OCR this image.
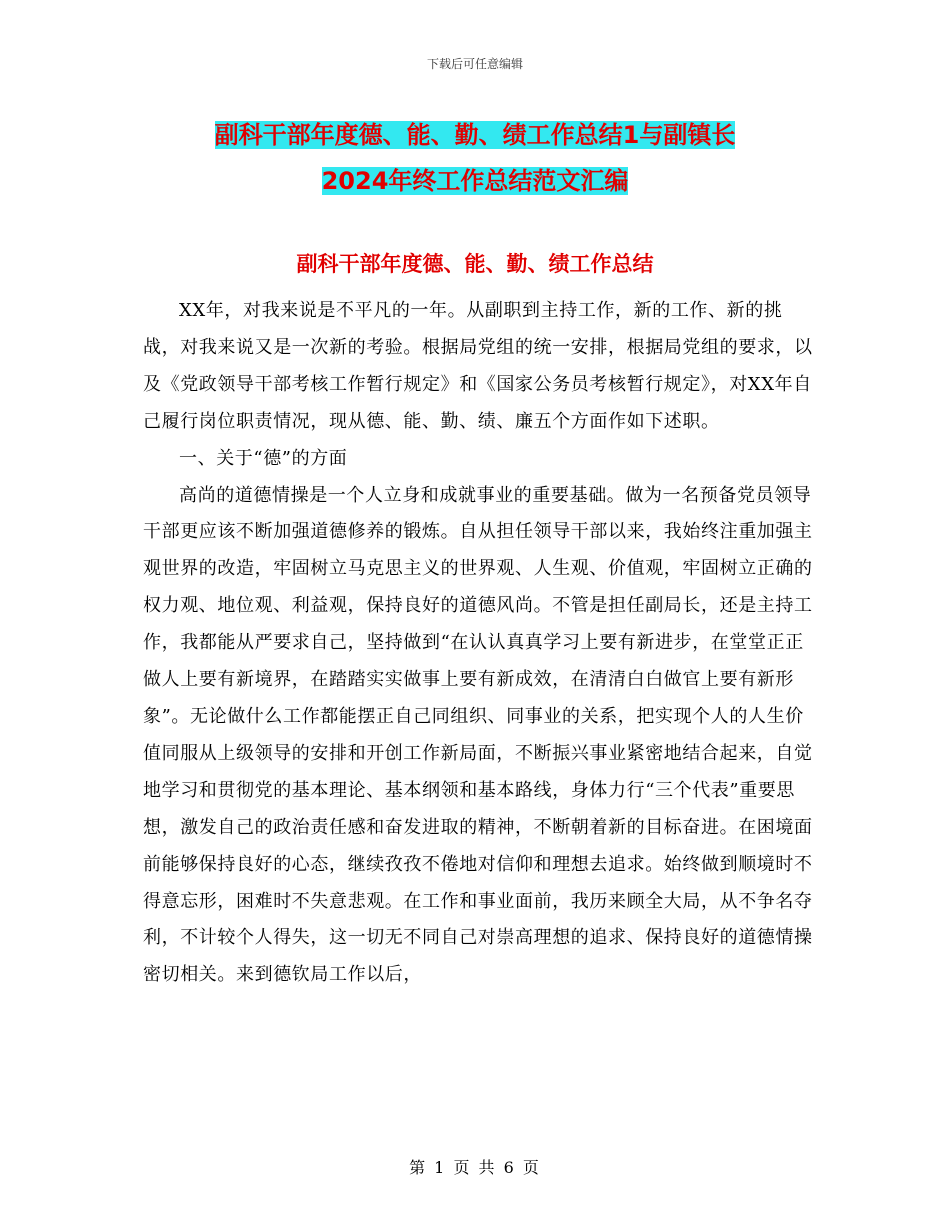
下载后可任意编辑
副科干部年度德、能、勤、绩工作总结1与副镇长
2024年终工作总结范文汇编
副科干部年度德、能、勤、绩工作总结

XX年，对我来说是不平凡的一年。从副职到主持工作，新的工作、新的挑战，对我来说又是一次新的考验。根据局党组的统一安排，根据局党组的要求，以及《党政领导干部考核工作暂行规定》和《国家公务员考核暂行规定》，对XX年自己履行岗位职责情况，现从德、能、勤、绩、廉五个方面作如下述职。

一、关于“德”的方面

高尚的道德情操是一个人立身和成就事业的重要基础。做为一名预备党员领导干部更应该不断加强道德修养的锻炼。自从担任领导干部以来，我始终注重加强主观世界的改造，牢固树立马克思主义的世界观、人生观、价值观，牢固树立正确的权力观、地位观、利益观，保持良好的道德风尚。不管是担任副局长，还是主持工作，我都能从严要求自己，坚持做到“在认认真真学习上要有新进步，在堂堂正正做人上要有新境界，在踏踏实实做事上要有新成效，在清清白白做官上要有新形象”。无论做什么工作都能摆正自己同组织、同事业的关系，把实现个人的人生价值同服从上级领导的安排和开创工作新局面，不断振兴事业紧密地结合起来，自觉地学习和贯彻党的基本理论、基本纲领和基本路线，身体力行“三个代表”重要思想，激发自己的政治责任感和奋发进取的精神，不断朝着新的目标奋进。在困境面前能够保持良好的心态，继续孜孜不倦地对信仰和理想去追求。始终做到顺境时不得意忘形，困难时不失意悲观。在工作和事业面前，我历来顾全大局，从不争名夺利，不计较个人得失，这一切无不同自己对崇高理想的追求、保持良好的道德情操密切相关。来到德钦局工作以后，

第 1 页 共 6 页
